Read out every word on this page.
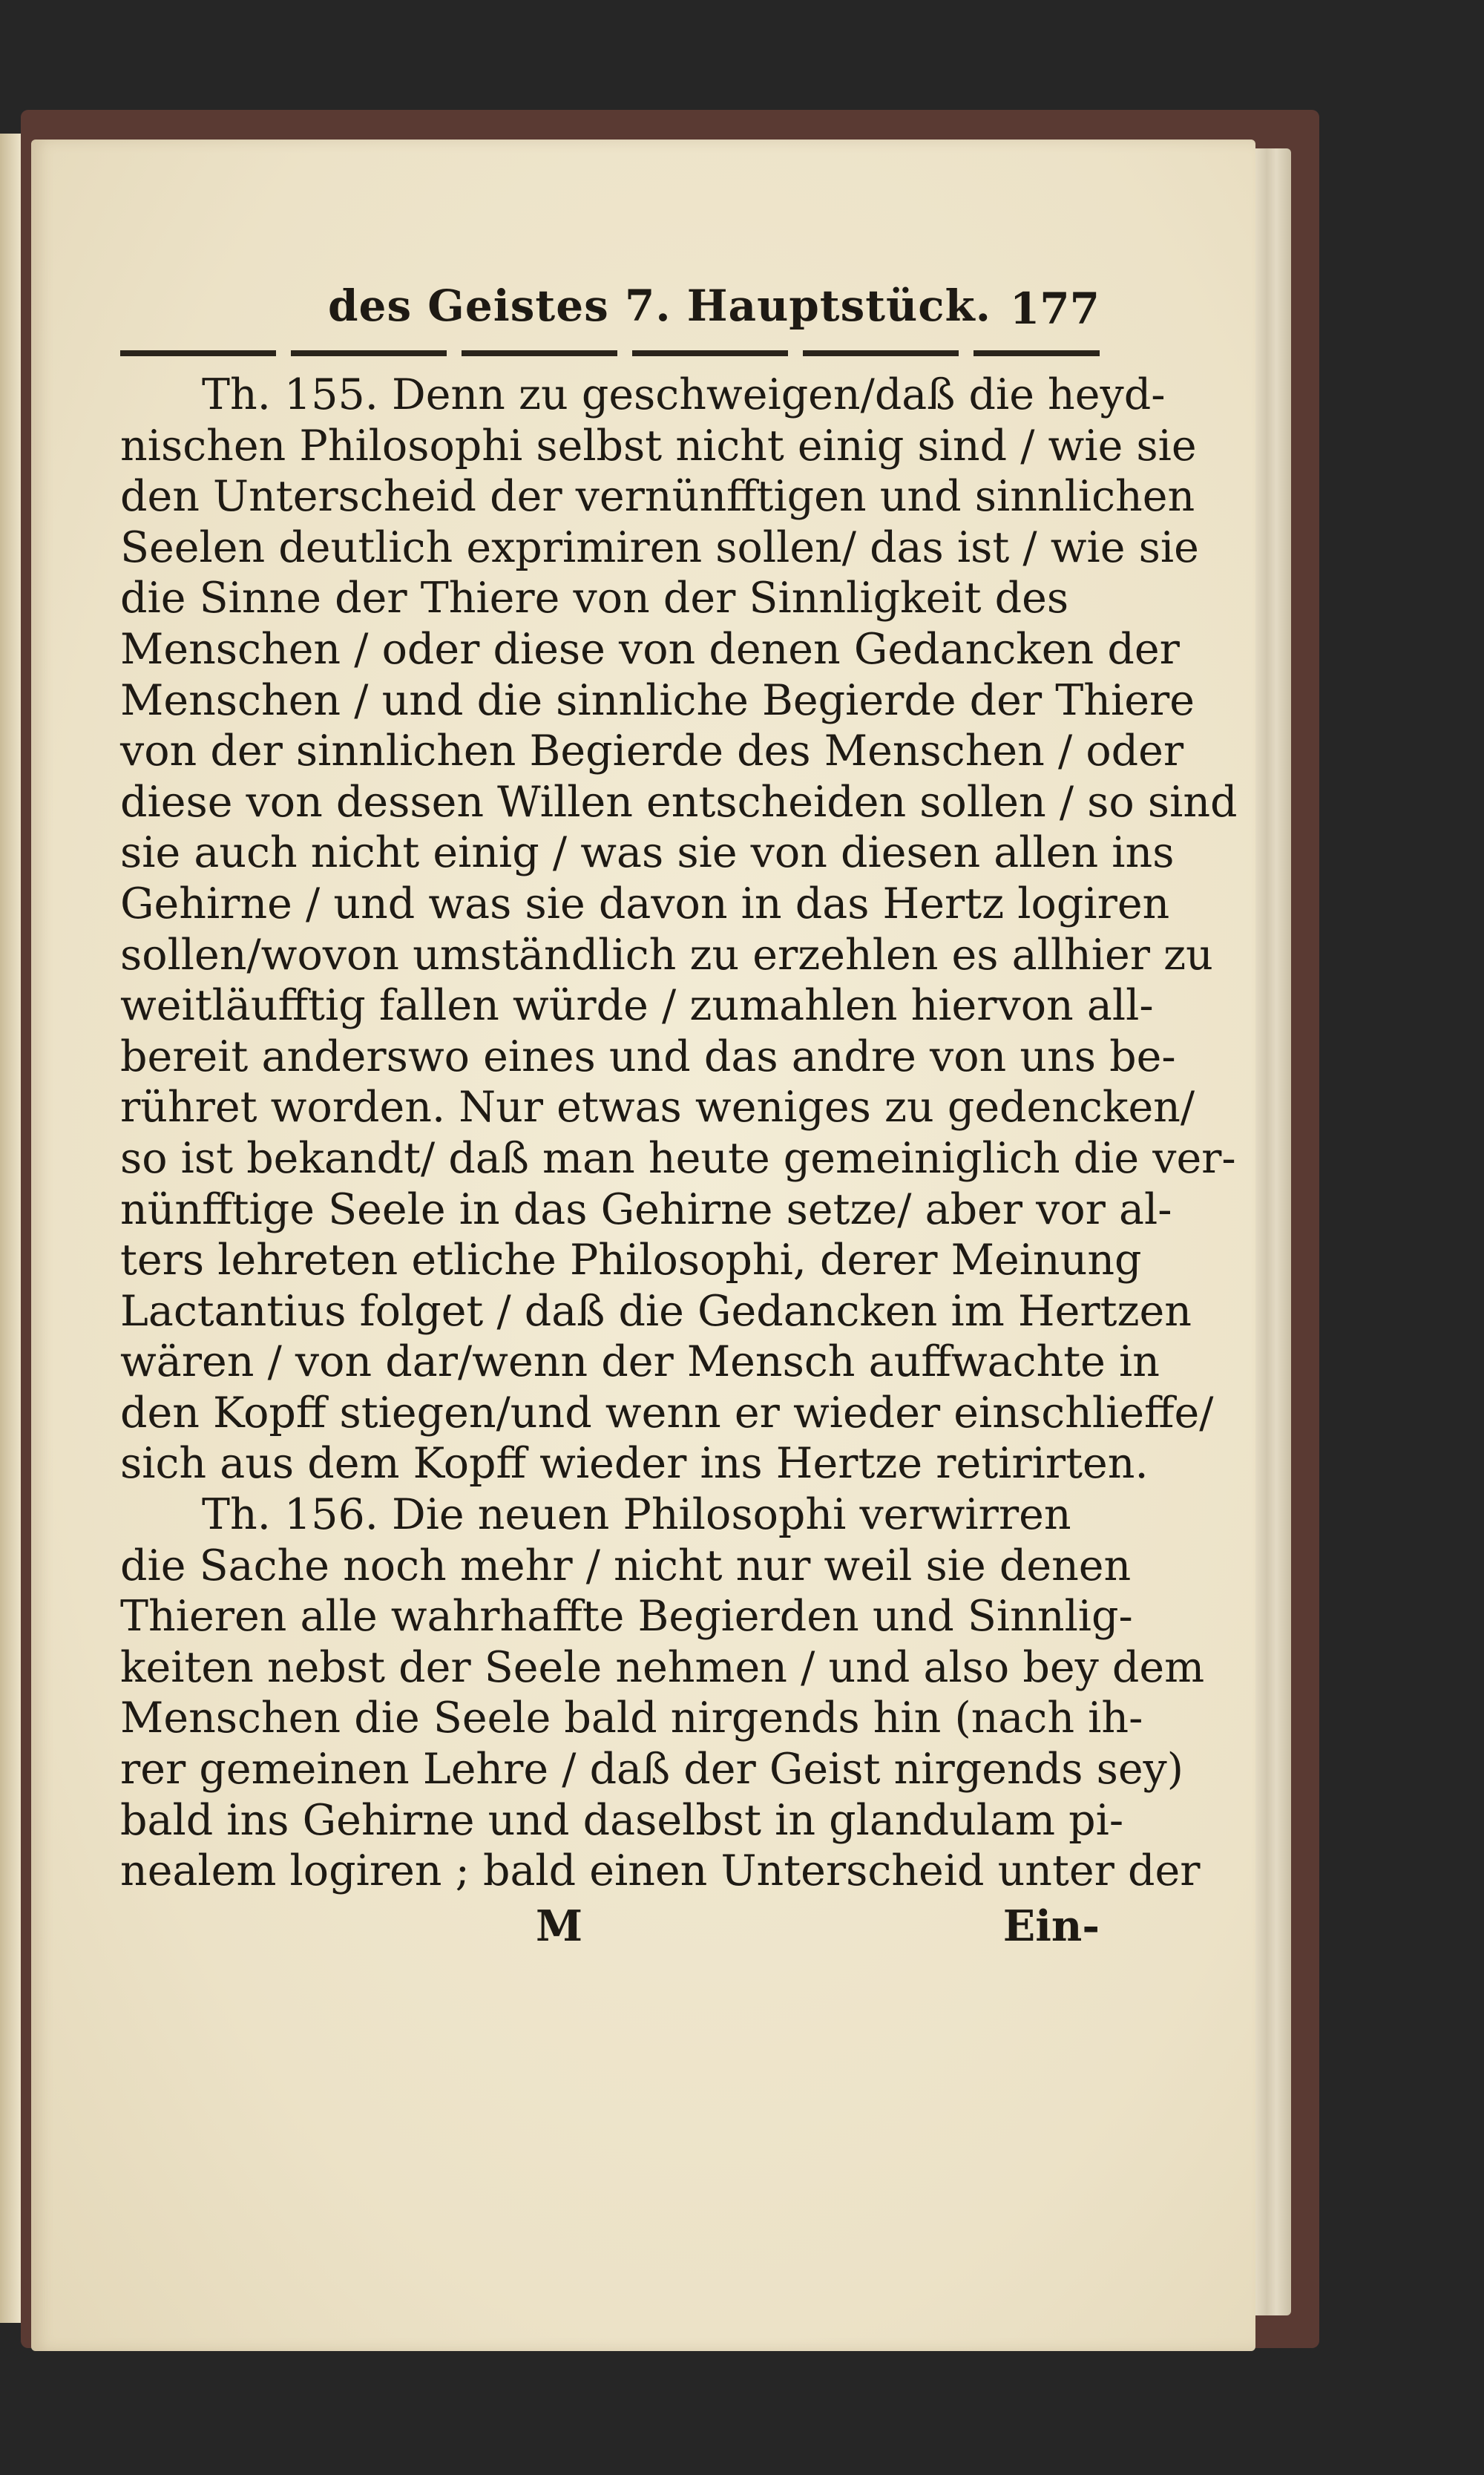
des Geistes 7. Hauptstück. 177
Th. 155. Denn zu geschweigen/daß die heyd-
nischen Philosophi selbst nicht einig sind / wie sie
den Unterscheid der vernünfftigen und sinnlichen
Seelen deutlich exprimiren sollen/ das ist / wie sie
die Sinne der Thiere von der Sinnligkeit des
Menschen / oder diese von denen Gedancken der
Menschen / und die sinnliche Begierde der Thiere
von der sinnlichen Begierde des Menschen / oder
diese von dessen Willen entscheiden sollen / so sind
sie auch nicht einig / was sie von diesen allen ins
Gehirne / und was sie davon in das Hertz logiren
sollen/wovon umständlich zu erzehlen es allhier zu
weitläufftig fallen würde / zumahlen hiervon all-
bereit anderswo eines und das andre von uns be-
rühret worden. Nur etwas weniges zu gedencken/
so ist bekandt/ daß man heute gemeiniglich die ver-
nünfftige Seele in das Gehirne setze/ aber vor al-
ters lehreten etliche Philosophi, derer Meinung
Lactantius folget / daß die Gedancken im Hertzen
wären / von dar/wenn der Mensch auffwachte in
den Kopff stiegen/und wenn er wieder einschlieffe/
sich aus dem Kopff wieder ins Hertze retirirten.
Th. 156. Die neuen Philosophi verwirren
die Sache noch mehr / nicht nur weil sie denen
Thieren alle wahrhaffte Begierden und Sinnlig-
keiten nebst der Seele nehmen / und also bey dem
Menschen die Seele bald nirgends hin (nach ih-
rer gemeinen Lehre / daß der Geist nirgends sey)
bald ins Gehirne und daselbst in glandulam pi-
nealem logiren ; bald einen Unterscheid unter der
M	Ein-
